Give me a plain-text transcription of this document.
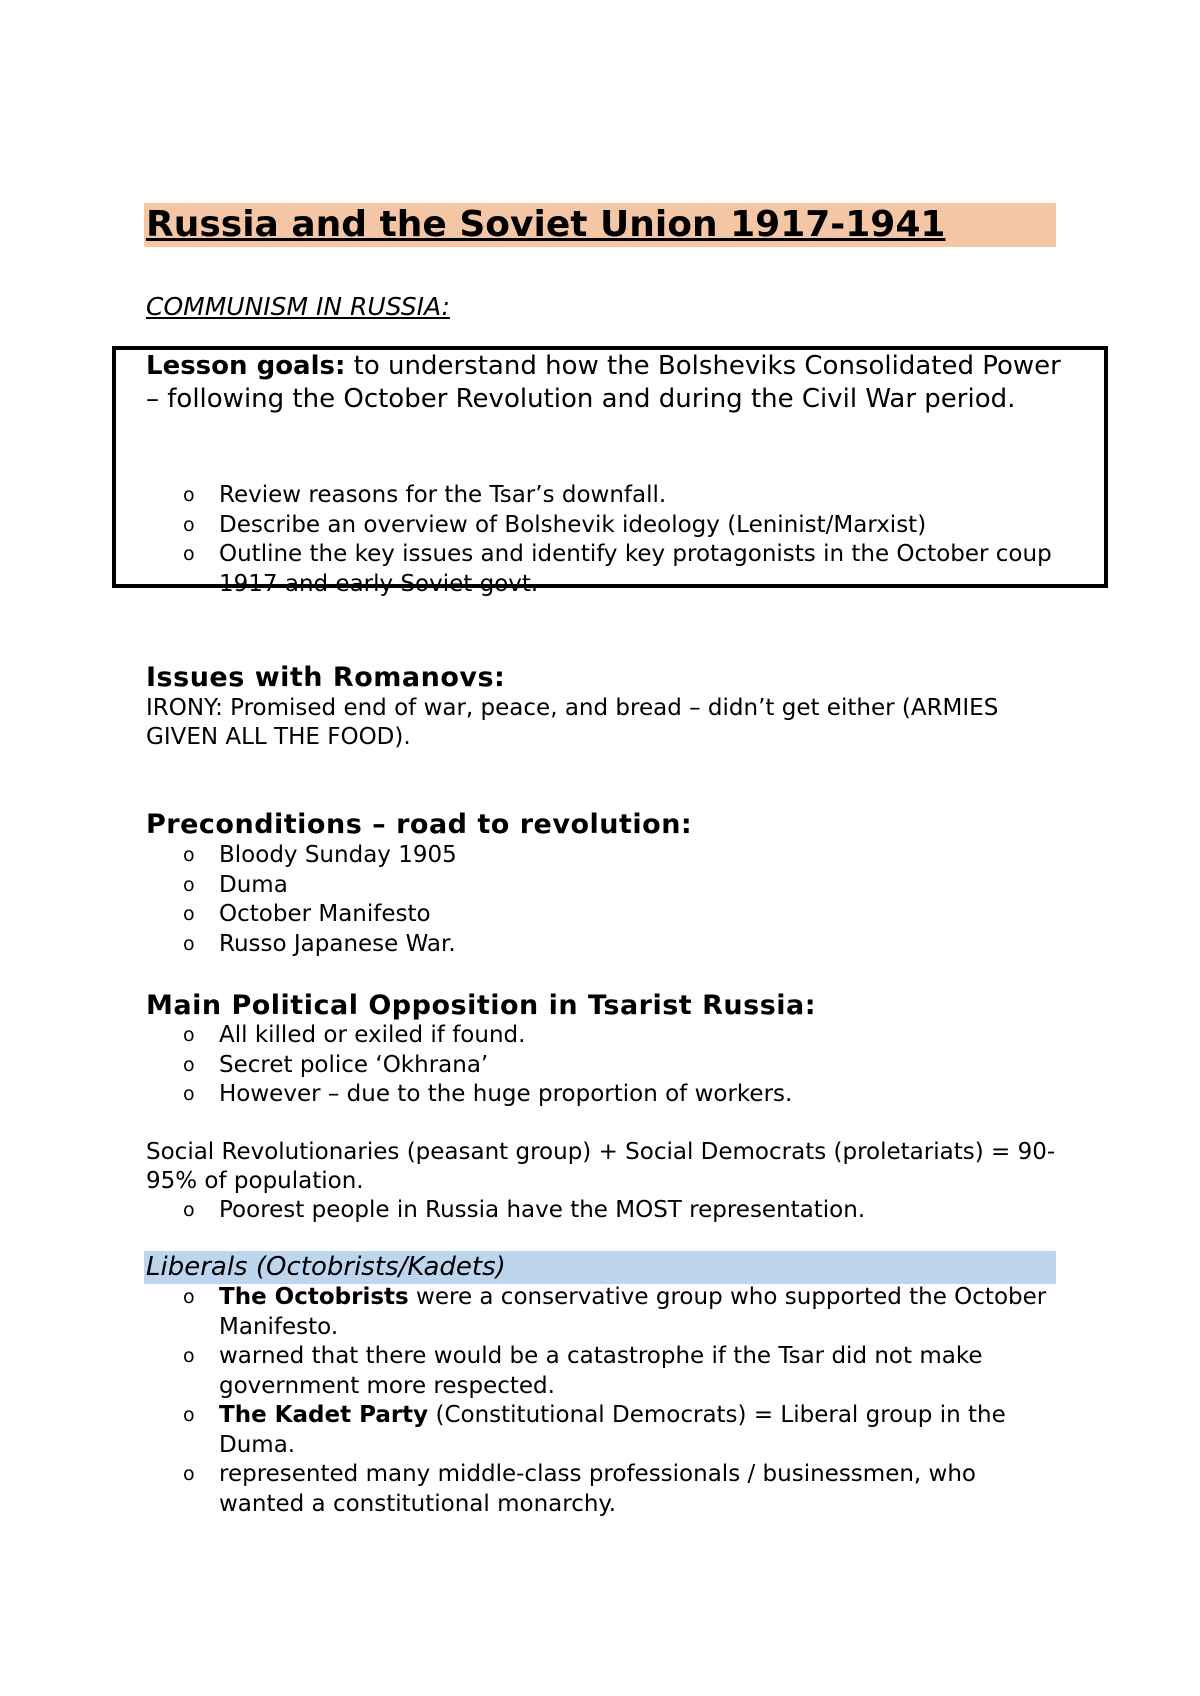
Russia and the Soviet Union 1917-1941
COMMUNISM IN RUSSIA:
Lesson goals: to understand how the Bolsheviks Consolidated Power – following the October Revolution and during the Civil War period.
o Review reasons for the Tsar’s downfall.
o Describe an overview of Bolshevik ideology (Leninist/Marxist)
o Outline the key issues and identify key protagonists in the October coup 1917 and early Soviet govt.
Issues with Romanovs:
IRONY: Promised end of war, peace, and bread – didn’t get either (ARMIES GIVEN ALL THE FOOD).
Preconditions – road to revolution:
o Bloody Sunday 1905
o Duma
o October Manifesto
o Russo Japanese War.
Main Political Opposition in Tsarist Russia:
o All killed or exiled if found.
o Secret police ‘Okhrana’
o However – due to the huge proportion of workers.
Social Revolutionaries (peasant group) + Social Democrats (proletariats) = 90-95% of population.
o Poorest people in Russia have the MOST representation.
Liberals (Octobrists/Kadets)
o The Octobrists were a conservative group who supported the October Manifesto.
o warned that there would be a catastrophe if the Tsar did not make government more respected.
o The Kadet Party (Constitutional Democrats) = Liberal group in the Duma.
o represented many middle-class professionals / businessmen, who wanted a constitutional monarchy.
